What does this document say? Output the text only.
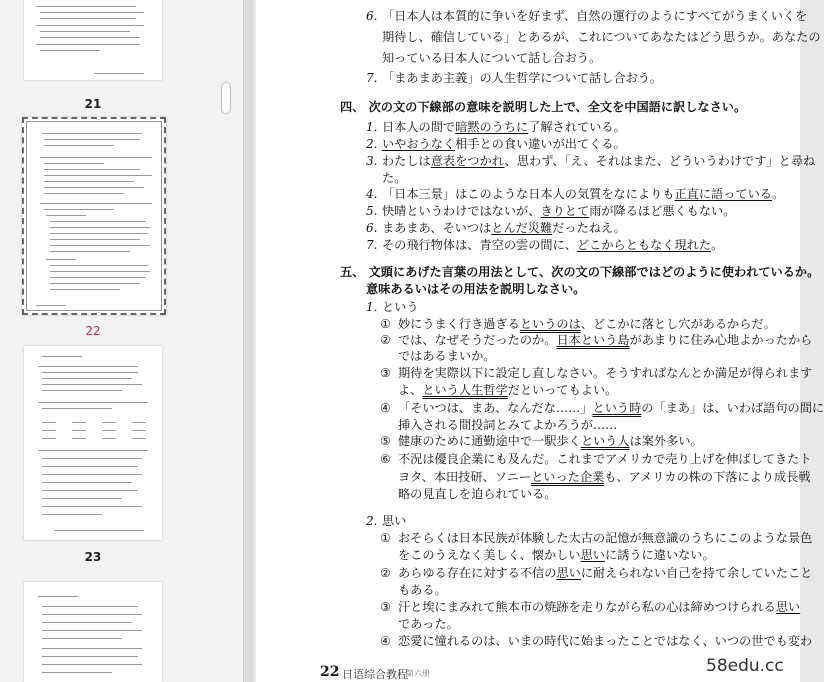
21
22
23
6. 「日本人は本質的に争いを好まず、自然の運行のようにすべてがうまくいくを
期待し、確信している」とあるが、これについてあなたはどう思うか。あなたの
知っている日本人について話し合おう。
7. 「まあまあ主義」の人生哲学について話し合おう。
四、 次の文の下線部の意味を説明した上で、全文を中国語に訳しなさい。
1. 日本人の間で暗黙のうちに了解されている。
2. いやおうなく相手との食い違いが出てくる。
3. わたしは意表をつかれ、思わず、「え、それはまた、どういうわけです」と尋ね
た。
4. 「日本三景」はこのような日本人の気質をなによりも正直に語っている。
5. 快晴というわけではないが、きりとて雨が降るほど悪くもない。
6. まあまあ、そいつはとんだ災難だったねえ。
7. その飛行物体は、青空の雲の間に、どこからともなく現れた。
五、 文頭にあげた言葉の用法として、次の文の下線部ではどのように使われているか。
意味あるいはその用法を説明しなさい。
1. という
① 妙にうまく行き過ぎるというのは、どこかに落とし穴があるからだ。
② では、なぜそうだったのか。日本という島があまりに住み心地よかったから
ではあるまいか。
③ 期待を実際以下に設定し直しなさい。そうすればなんとか満足が得られます
よ、という人生哲学だといってもよい。
④ 「そいつは、まあ、なんだな……」という時の「まあ」は、いわば語句の間に
挿入される間投詞とみてよかろうが……
⑤ 健康のために通勤途中で一駅歩くという人は案外多い。
⑥ 不況は優良企業にも及んだ。これまでアメリカで売り上げを伸ばしてきたト
ヨタ、本田技研、ソニーといった企業も、アメリカの株の下落により成長戦
略の見直しを迫られている。
2. 思い
① おそらくは日本民族が体験した太古の記憶が無意識のうちにこのような景色
をこのうえなく美しく、懐かしい思いに誘うに違いない。
② あらゆる存在に対する不信の思いに耐えられない自己を持て余していたこと
もある。
③ 汗と埃にまみれて熊本市の焼跡を走りながら私の心は締めつけられる思い
であった。
④ 恋愛に憧れるのは、いまの時代に始まったことではなく、いつの世でも変わ
22 日语综合教程
第六册	58edu.cc
